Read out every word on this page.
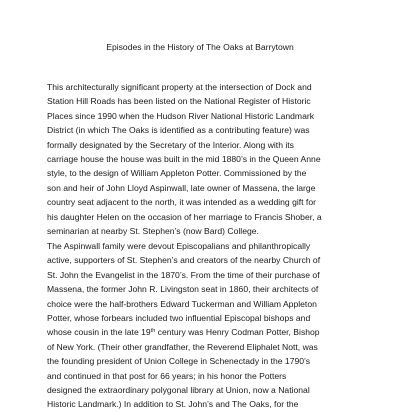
Episodes in the History of The Oaks at Barrytown
This architecturally significant property at the intersection of Dock and
Station Hill Roads has been listed on the National Register of Historic
Places since 1990 when the Hudson River National Historic Landmark
District (in which The Oaks is identified as a contributing feature) was
formally designated by the Secretary of the Interior. Along with its
carriage house the house was built in the mid 1880’s in the Queen Anne
style, to the design of William Appleton Potter. Commissioned by the
son and heir of John Lloyd Aspinwall, late owner of Massena, the large
country seat adjacent to the north, it was intended as a wedding gift for
his daughter Helen on the occasion of her marriage to Francis Shober, a
seminarian at nearby St. Stephen’s (now Bard) College.
The Aspinwall family were devout Episcopalians and philanthropically
active, supporters of St. Stephen’s and creators of the nearby Church of
St. John the Evangelist in the 1870’s. From the time of their purchase of
Massena, the former John R. Livingston seat in 1860, their architects of
choice were the half-brothers Edward Tuckerman and William Appleton
Potter, whose forbears included two influential Episcopal bishops and
whose cousin in the late 19th century was Henry Codman Potter, Bishop
of New York. (Their other grandfather, the Reverend Eliphalet Nott, was
the founding president of Union College in Schenectady in the 1790’s
and continued in that post for 66 years; in his honor the Potters
designed the extraordinary polygonal library at Union, now a National
Historic Landmark.) In addition to St. John’s and The Oaks, for the
